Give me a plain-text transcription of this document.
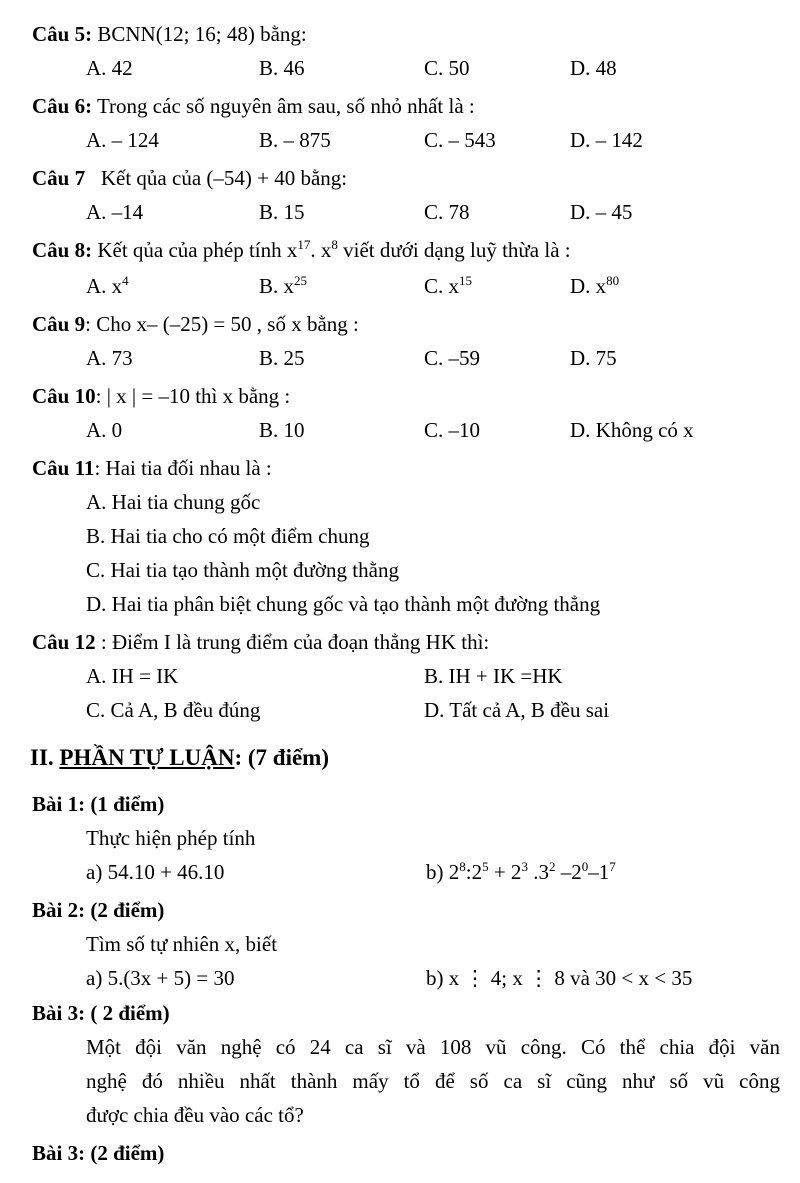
Câu 5: BCNN(12; 16; 48) bằng:
A. 42	B. 46	C. 50	D. 48
Câu 6: Trong các số nguyên âm sau, số nhỏ nhất là :
A. – 124	B. – 875	C. – 543	D. – 142
Câu 7 Kết qủa của (–54) + 40 bằng:
A. –14	B. 15	C. 78	D. – 45
Câu 8: Kết qủa của phép tính $x^{17}$. $x^8$ viết dưới dạng luỹ thừa là :
A. $x^4$	B. $x^{25}$	C. $x^{15}$	D. $x^{80}$
Câu 9: Cho x– (–25) = 50 , số x bằng :
A. 73	B. 25	C. –59	D. 75
Câu 10: | x | = –10 thì x bằng :
A. 0	B. 10	C. –10	D. Không có x
Câu 11: Hai tia đối nhau là :
A. Hai tia chung gốc
B. Hai tia cho có một điểm chung
C. Hai tia tạo thành một đường thằng
D. Hai tia phân biệt chung gốc và tạo thành một đường thẳng
Câu 12 : Điểm I là trung điểm của đoạn thẳng HK thì:
A. IH = IK	B. IH + IK =HK
C. Cả A, B đều đúng	D. Tất cả A, B đều sai
II. PHẦN TỰ LUẬN: (7 điểm)
Bài 1: (1 điểm)
Thực hiện phép tính
a) 54.10 + 46.10	b) $2^8:2^5 + 2^3$ $.3^2$ $-2^0-1^7$
Bài 2: (2 điểm)
Tìm số tự nhiên x, biết
a) 5.(3x + 5) = 30	b) x ⋮ 4; x ⋮ 8 và 30 < x < 35
Bài 3: ( 2 điểm)
Một đội văn nghệ có 24 ca sĩ và 108 vũ công. Có thể chia đội văn
nghệ đó nhiều nhất thành mấy tổ để số ca sĩ cũng như số vũ công
được chia đều vào các tổ?
Bài 3: (2 điểm)
